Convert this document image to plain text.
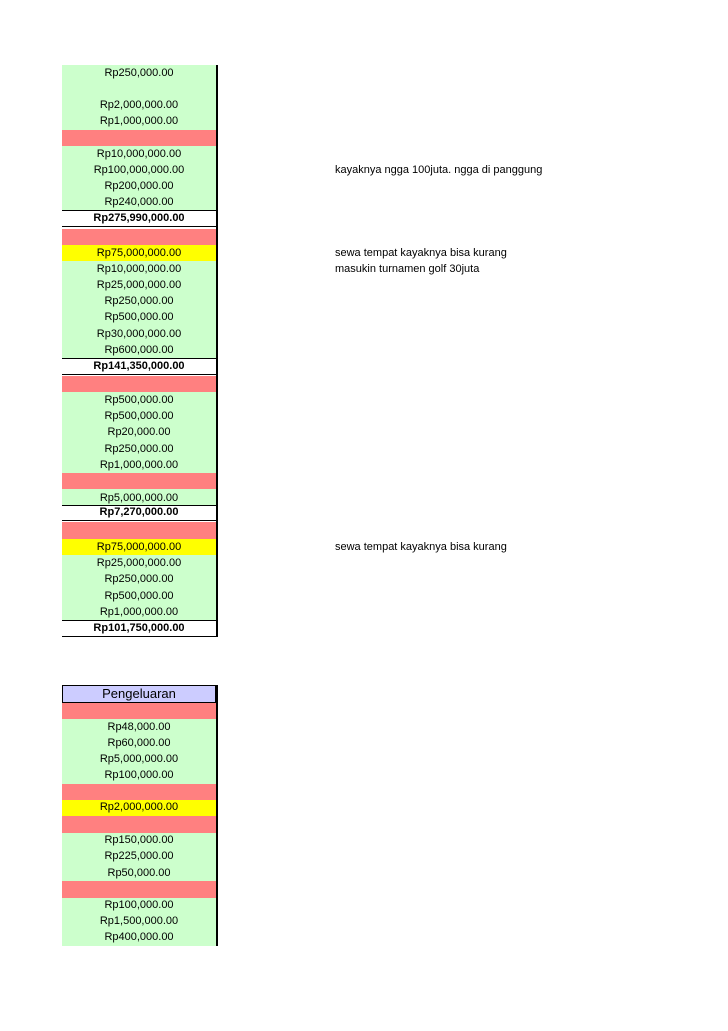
Rp250,000.00
Rp2,000,000.00
Rp1,000,000.00
Rp10,000,000.00
Rp100,000,000.00
Rp200,000.00
Rp240,000.00
Rp275,990,000.00
Rp75,000,000.00
Rp10,000,000.00
Rp25,000,000.00
Rp250,000.00
Rp500,000.00
Rp30,000,000.00
Rp600,000.00
Rp141,350,000.00
Rp500,000.00
Rp500,000.00
Rp20,000.00
Rp250,000.00
Rp1,000,000.00
Rp5,000,000.00
Rp7,270,000.00
Rp75,000,000.00
Rp25,000,000.00
Rp250,000.00
Rp500,000.00
Rp1,000,000.00
Rp101,750,000.00
kayaknya ngga 100juta. ngga di panggung
sewa tempat kayaknya bisa kurang
masukin turnamen golf 30juta
sewa tempat kayaknya bisa kurang
Pengeluaran
Rp48,000.00
Rp60,000.00
Rp5,000,000.00
Rp100,000.00
Rp2,000,000.00
Rp150,000.00
Rp225,000.00
Rp50,000.00
Rp100,000.00
Rp1,500,000.00
Rp400,000.00
